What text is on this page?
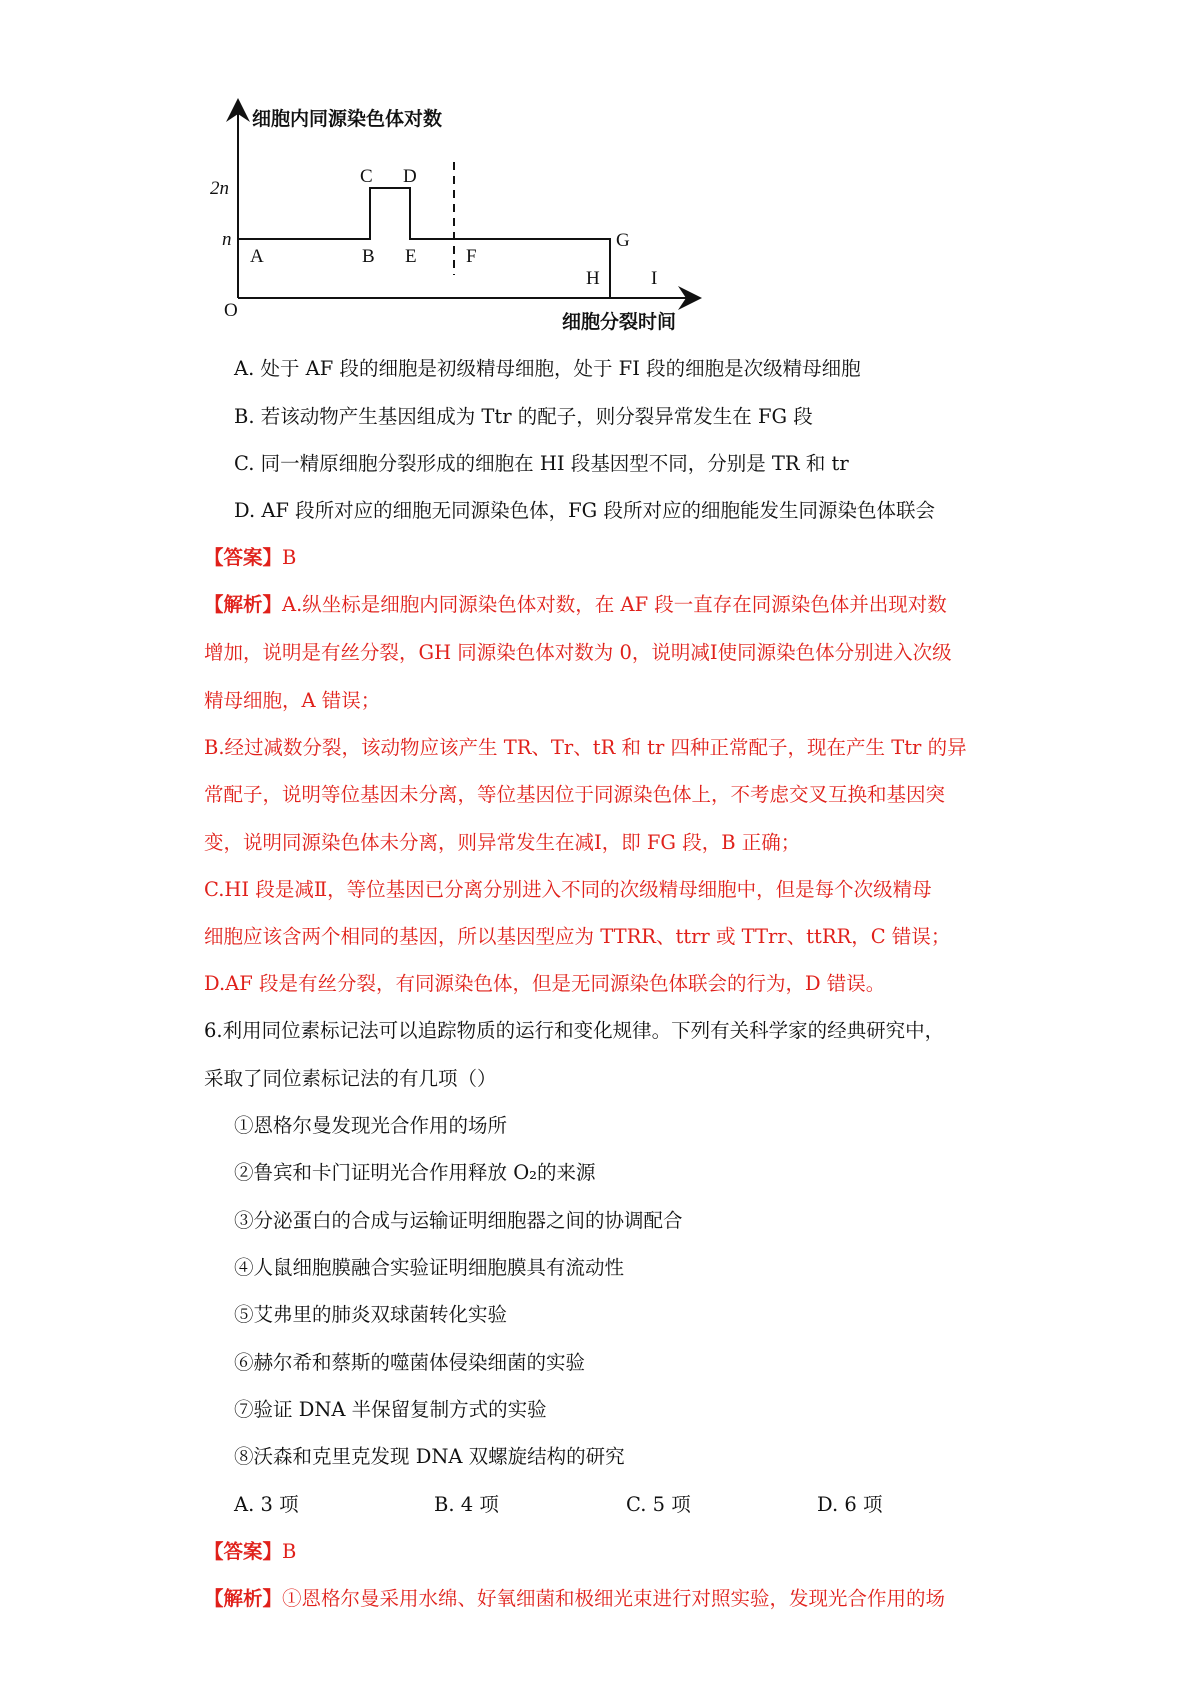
细胞内同源染色体对数
细胞分裂时间
O
2n
n
A	B
C D
E	F
G
H	I
A. 处于 AF 段的细胞是初级精母细胞，处于 FI 段的细胞是次级精母细胞
B. 若该动物产生基因组成为 Ttr 的配子，则分裂异常发生在 FG 段
C. 同一精原细胞分裂形成的细胞在 HI 段基因型不同，分别是 TR 和 tr
D. AF 段所对应的细胞无同源染色体，FG 段所对应的细胞能发生同源染色体联会
【答案】B
【解析】A.纵坐标是细胞内同源染色体对数，在 AF 段一直存在同源染色体并出现对数
增加，说明是有丝分裂，GH 同源染色体对数为 0，说明减Ⅰ使同源染色体分别进入次级
精母细胞，A 错误；
B.经过减数分裂，该动物应该产生 TR、Tr、tR 和 tr 四种正常配子，现在产生 Ttr 的异
常配子，说明等位基因未分离，等位基因位于同源染色体上，不考虑交叉互换和基因突
变，说明同源染色体未分离，则异常发生在减Ⅰ，即 FG 段，B 正确；
C.HI 段是减Ⅱ，等位基因已分离分别进入不同的次级精母细胞中，但是每个次级精母
细胞应该含两个相同的基因，所以基因型应为 TTRR、ttrr 或 TTrr、ttRR，C 错误；
D.AF 段是有丝分裂，有同源染色体，但是无同源染色体联会的行为，D 错误。
6.利用同位素标记法可以追踪物质的运行和变化规律。下列有关科学家的经典研究中，
采取了同位素标记法的有几项（）
①恩格尔曼发现光合作用的场所
②鲁宾和卡门证明光合作用释放 O₂的来源
③分泌蛋白的合成与运输证明细胞器之间的协调配合
④人鼠细胞膜融合实验证明细胞膜具有流动性
⑤艾弗里的肺炎双球菌转化实验
⑥赫尔希和蔡斯的噬菌体侵染细菌的实验
⑦验证 DNA 半保留复制方式的实验
⑧沃森和克里克发现 DNA 双螺旋结构的研究
A. 3 项	B. 4 项	C. 5 项	D. 6 项
【答案】B
【解析】①恩格尔曼采用水绵、好氧细菌和极细光束进行对照实验，发现光合作用的场
